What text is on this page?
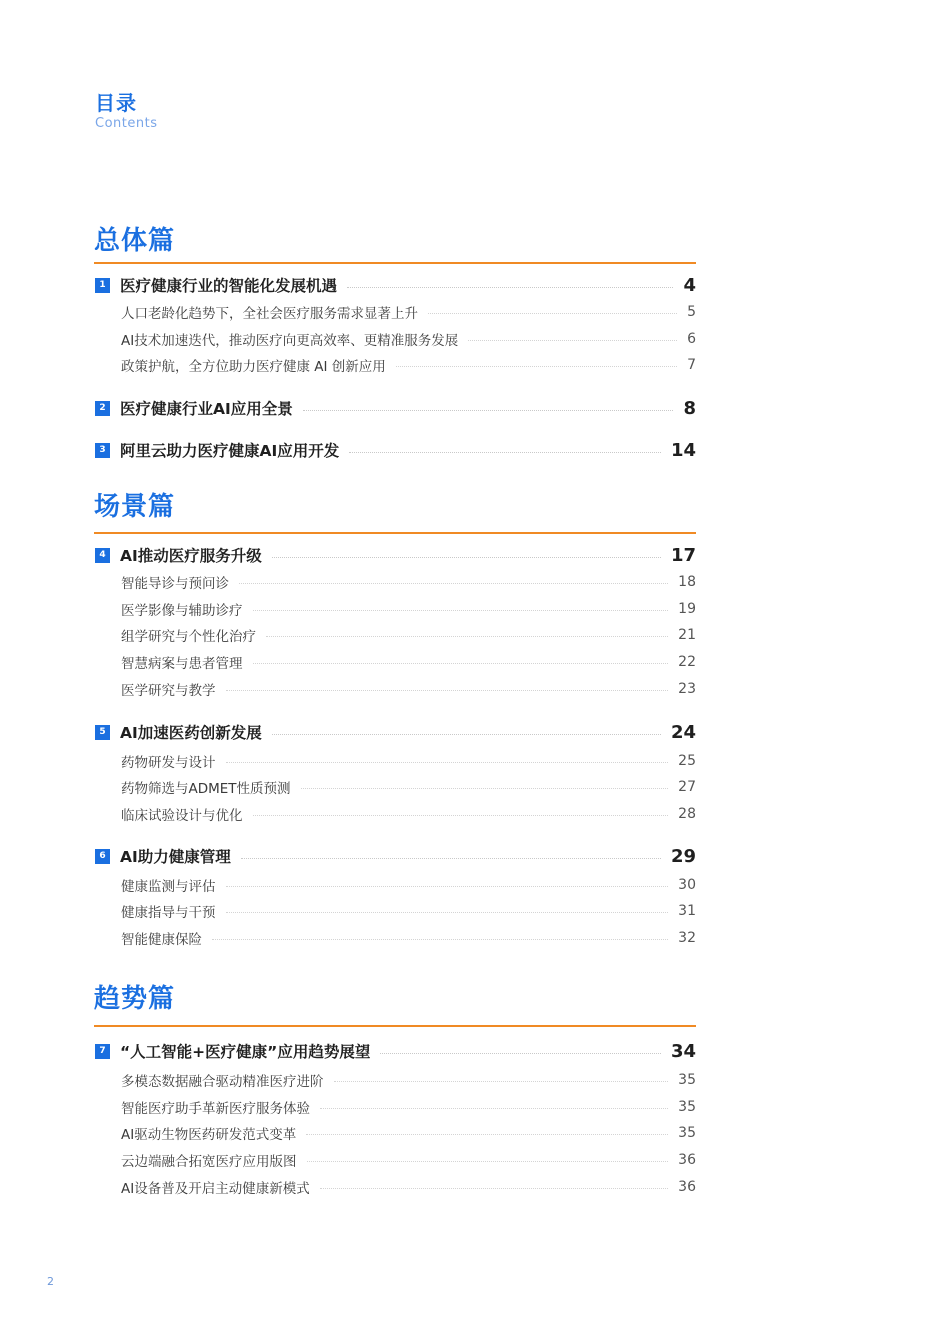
目录
Contents
总体篇
1 医疗健康行业的智能化发展机遇	4
人口老龄化趋势下，全社会医疗服务需求显著上升	5
AI技术加速迭代，推动医疗向更高效率、更精准服务发展	6
政策护航，全方位助力医疗健康 AI 创新应用	7
2 医疗健康行业AI应用全景	8
3 阿里云助力医疗健康AI应用开发	14
场景篇
4 AI推动医疗服务升级	17
智能导诊与预问诊	18
医学影像与辅助诊疗	19
组学研究与个性化治疗	21
智慧病案与患者管理	22
医学研究与教学	23
5 AI加速医药创新发展	24
药物研发与设计	25
药物筛选与ADMET性质预测	27
临床试验设计与优化	28
6 AI助力健康管理	29
健康监测与评估	30
健康指导与干预	31
智能健康保险	32
趋势篇
7 “人工智能+医疗健康”应用趋势展望	34
多模态数据融合驱动精准医疗进阶	35
智能医疗助手革新医疗服务体验	35
AI驱动生物医药研发范式变革	35
云边端融合拓宽医疗应用版图	36
AI设备普及开启主动健康新模式	36
2
